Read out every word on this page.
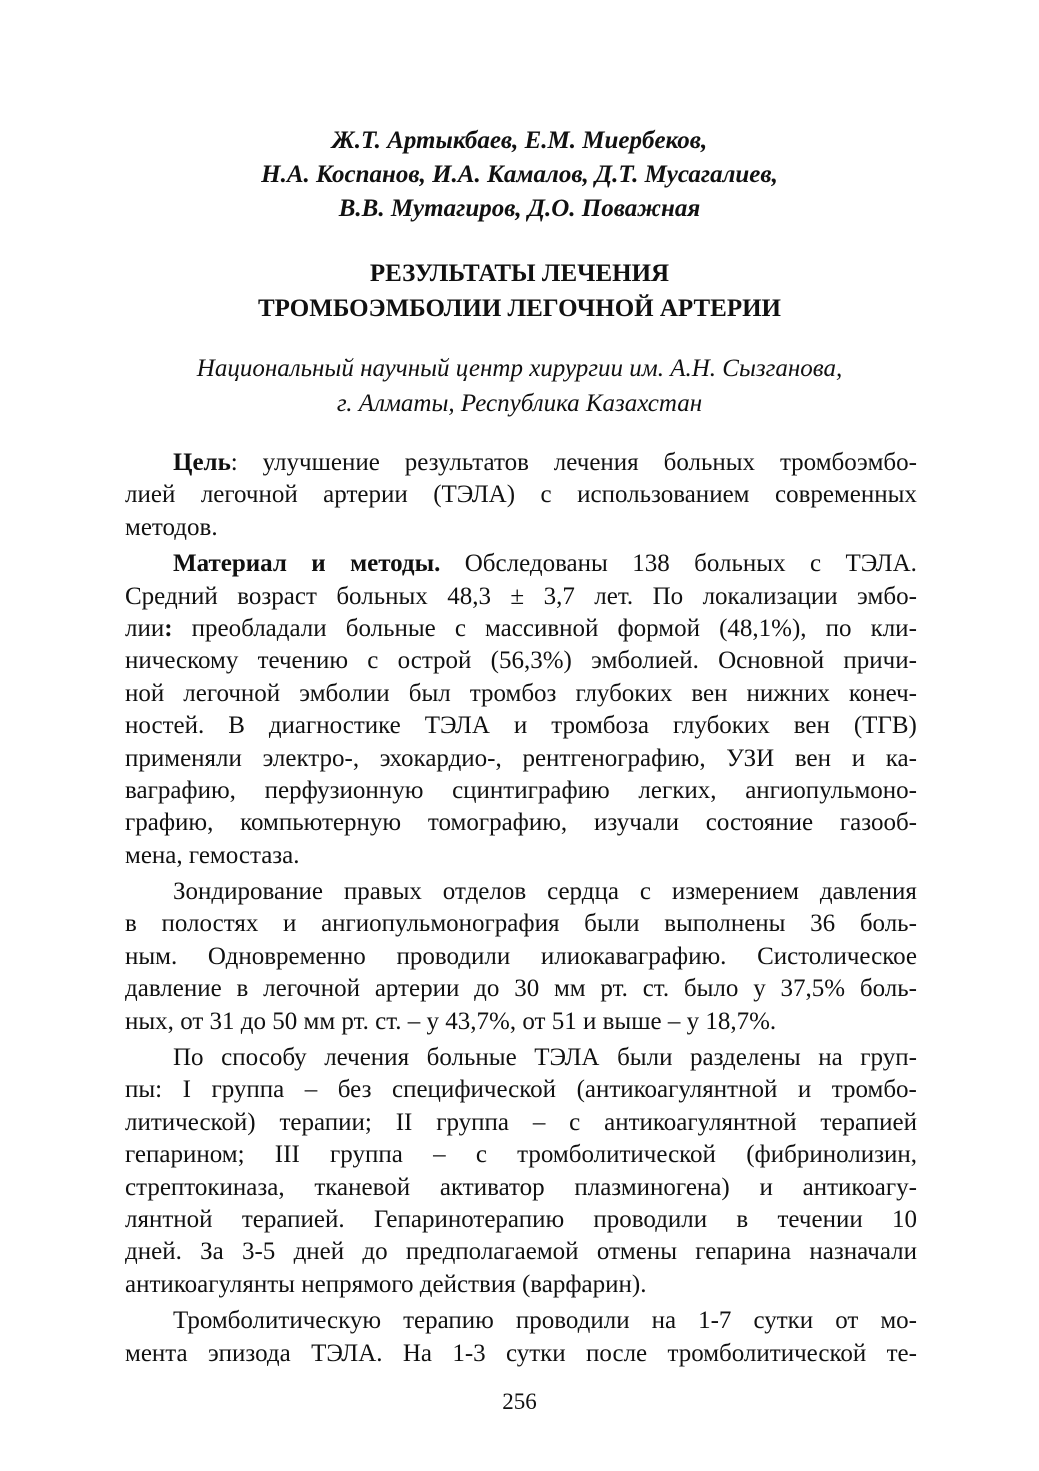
Ж.Т. Артыкбаев, Е.М. Миербеков,
Н.А. Коспанов, И.А. Камалов, Д.Т. Мусагалиев,
В.В. Мутагиров, Д.О. Поважная
РЕЗУЛЬТАТЫ ЛЕЧЕНИЯ
ТРОМБОЭМБОЛИИ ЛЕГОЧНОЙ АРТЕРИИ
Национальный научный центр хирургии им. А.Н. Сызганова,
г. Алматы, Республика Казахстан
Цель: улучшение результатов лечения больных тромбоэмбо-
лией легочной артерии (ТЭЛА) с использованием современных
методов.
Материал и методы. Обследованы 138 больных с ТЭЛА.
Средний возраст больных 48,3 ± 3,7 лет. По локализации эмбо-
лии: преобладали больные с массивной формой (48,1%), по кли-
ническому течению с острой (56,3%) эмболией. Основной причи-
ной легочной эмболии был тромбоз глубоких вен нижних конеч-
ностей. В диагностике ТЭЛА и тромбоза глубоких вен (ТГВ)
применяли электро-, эхокардио-, рентгенографию, УЗИ вен и ка-
ваграфию, перфузионную сцинтиграфию легких, ангиопульмоно-
графию, компьютерную томографию, изучали состояние газооб-
мена, гемостаза.
Зондирование правых отделов сердца с измерением давления
в полостях и ангиопульмонография были выполнены 36 боль-
ным. Одновременно проводили илиокаваграфию. Систолическое
давление в легочной артерии до 30 мм рт. ст. было у 37,5% боль-
ных, от 31 до 50 мм рт. ст. – у 43,7%, от 51 и выше – у 18,7%.
По способу лечения больные ТЭЛА были разделены на груп-
пы: I группа – без специфической (антикоагулянтной и тромбо-
литической) терапии; II группа – с антикоагулянтной терапией
гепарином; III группа – с тромболитической (фибринолизин,
стрептокиназа, тканевой активатор плазминогена) и антикоагу-
лянтной терапией. Гепаринотерапию проводили в течении 10
дней. За 3-5 дней до предполагаемой отмены гепарина назначали
антикоагулянты непрямого действия (варфарин).
Тромболитическую терапию проводили на 1-7 сутки от мо-
мента эпизода ТЭЛА. На 1-3 сутки после тромболитической те-
256
